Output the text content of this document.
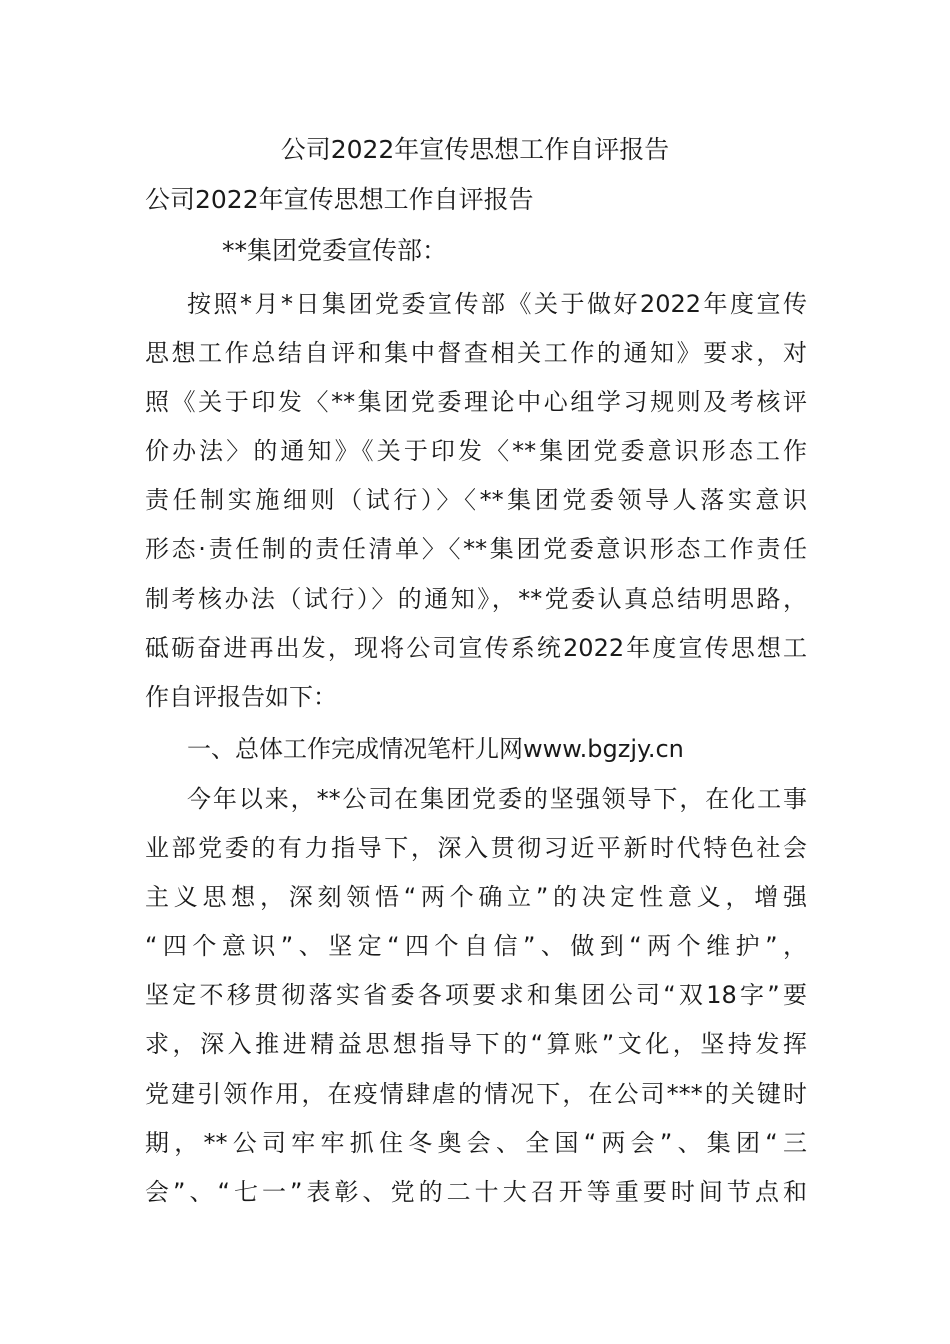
公司2022年宣传思想工作自评报告
公司2022年宣传思想工作自评报告

**集团党委宣传部：

按照*月*日集团党委宣传部《关于做好2022年度宣传
思想工作总结自评和集中督查相关工作的通知》要求，对
照《关于印发〈**集团党委理论中心组学习规则及考核评
价办法〉的通知》《关于印发〈**集团党委意识形态工作
责任制实施细则（试行）〉〈**集团党委领导人落实意识
形态·责任制的责任清单〉〈**集团党委意识形态工作责任
制考核办法（试行）〉的通知》，**党委认真总结明思路，
砥砺奋进再出发，现将公司宣传系统2022年度宣传思想工
作自评报告如下：

一、总体工作完成情况笔杆儿网www.bgzjy.cn

今年以来，**公司在集团党委的坚强领导下，在化工事
业部党委的有力指导下，深入贯彻习近平新时代特色社会
主义思想，深刻领悟“两个确立”的决定性意义，增强
“四个意识”、坚定“四个自信”、做到“两个维护”，
坚定不移贯彻落实省委各项要求和集团公司“双18字”要
求，深入推进精益思想指导下的“算账”文化，坚持发挥
党建引领作用，在疫情肆虐的情况下，在公司***的关键时
期，**公司牢牢抓住冬奥会、全国“两会”、集团“三
会”、“七一”表彰、党的二十大召开等重要时间节点和
